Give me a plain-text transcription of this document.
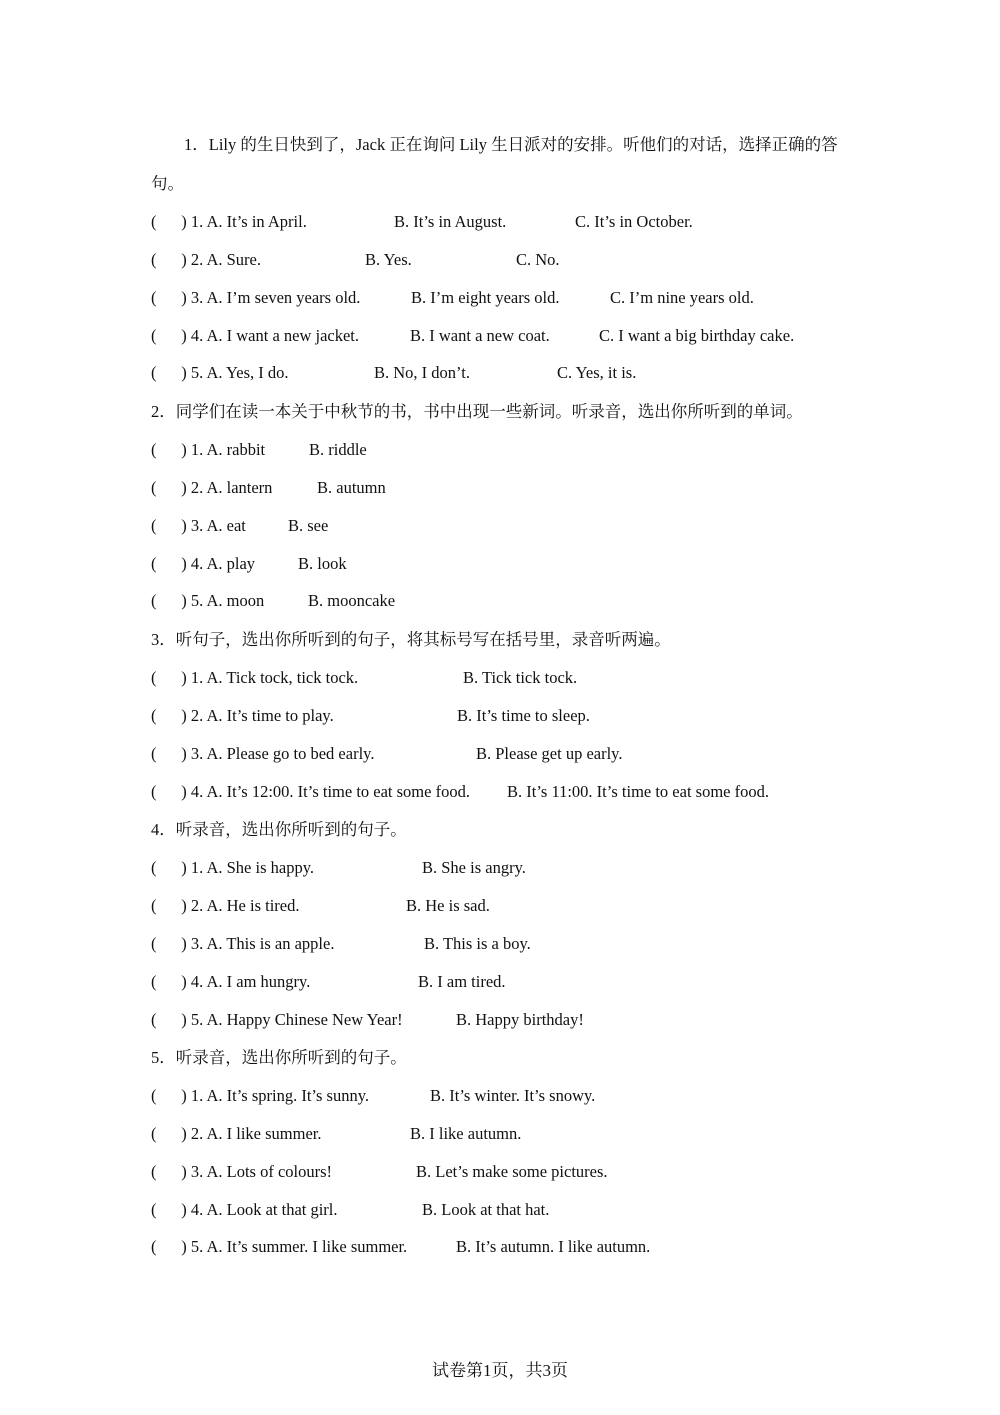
1．Lily 的生日快到了，Jack 正在询问 Lily 生日派对的安排。听他们的对话，选择正确的答句。
(      ) 1. A. It’s in April.	B. It’s in August.	C. It’s in October.
(      ) 2. A. Sure.	B. Yes.	C. No.
(      ) 3. A. I’m seven years old.	B. I’m eight years old.	C. I’m nine years old.
(      ) 4. A. I want a new jacket.	B. I want a new coat.	C. I want a big birthday cake.
(      ) 5. A. Yes, I do.	B. No, I don’t.	C. Yes, it is.
2．同学们在读一本关于中秋节的书，书中出现一些新词。听录音，选出你所听到的单词。
(      ) 1. A. rabbit	B. riddle
(      ) 2. A. lantern	B. autumn
(      ) 3. A. eat	B. see
(      ) 4. A. play	B. look
(      ) 5. A. moon	B. mooncake
3．听句子，选出你所听到的句子，将其标号写在括号里，录音听两遍。
(      ) 1. A. Tick tock, tick tock.	B. Tick tick tock.
(      ) 2. A. It’s time to play.	B. It’s time to sleep.
(      ) 3. A. Please go to bed early.	B. Please get up early.
(      ) 4. A. It’s 12:00. It’s time to eat some food. B. It’s 11:00. It’s time to eat some food.
4．听录音，选出你所听到的句子。
(      ) 1. A. She is happy.	B. She is angry.
(      ) 2. A. He is tired.	B. He is sad.
(      ) 3. A. This is an apple.	B. This is a boy.
(      ) 4. A. I am hungry.	B. I am tired.
(      ) 5. A. Happy Chinese New Year!	B. Happy birthday!
5．听录音，选出你所听到的句子。
(      ) 1. A. It’s spring. It’s sunny.	B. It’s winter. It’s snowy.
(      ) 2. A. I like summer.	B. I like autumn.
(      ) 3. A. Lots of colours!	B. Let’s make some pictures.
(      ) 4. A. Look at that girl.	B. Look at that hat.
(      ) 5. A. It’s summer. I like summer.	B. It’s autumn. I like autumn.
试卷第1页，共3页
